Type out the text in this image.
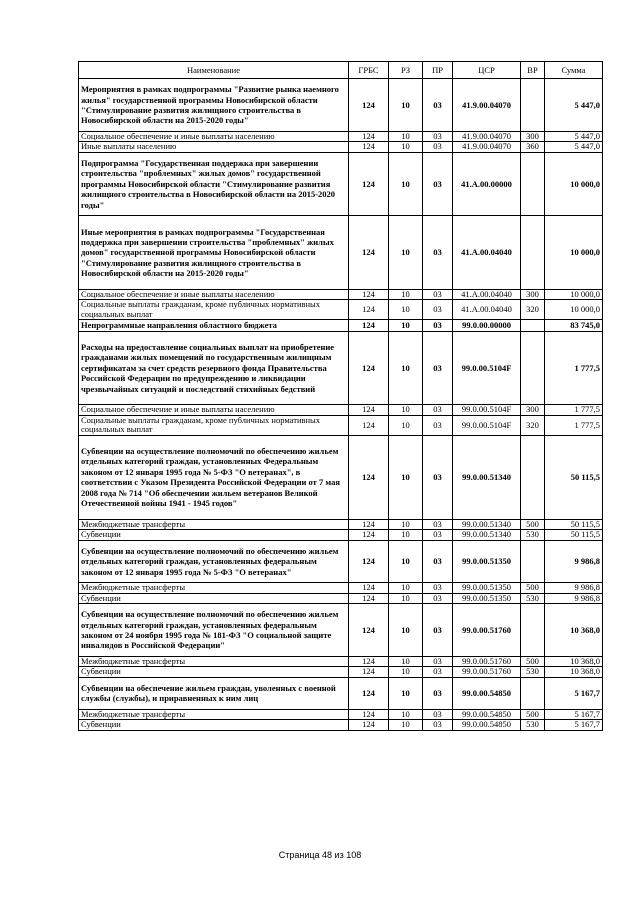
Наименование	ГРБС	РЗ	ПР	ЦСР	ВР	Сумма
Мероприятия в рамках подпрограммы "Развитие рынка наемного жилья" государственной программы Новосибирской области "Стимулирование развития жилищного строительства в Новосибирской области на 2015-2020 годы"	124	10	03	41.9.00.04070		5 447,0
Социальное обеспечение и иные выплаты населению	124	10	03	41.9.00.04070	300	5 447,0
Иные выплаты населению	124	10	03	41.9.00.04070	360	5 447,0
Подпрограмма "Государственная поддержка при завершении строительства "проблемных" жилых домов" государственной программы Новосибирской области "Стимулирование развития жилищного строительства в Новосибирской области на 2015-2020 годы"	124	10	03	41.А.00.00000		10 000,0
Иные мероприятия в рамках подпрограммы "Государственная поддержка при завершении строительства "проблемных" жилых домов" государственной программы Новосибирской области "Стимулирование развития жилищного строительства в Новосибирской области на 2015-2020 годы"	124	10	03	41.А.00.04040		10 000,0
Социальное обеспечение и иные выплаты населению	124	10	03	41.А.00.04040	300	10 000,0
Социальные выплаты гражданам, кроме публичных нормативных социальных выплат	124	10	03	41.А.00.04040	320	10 000,0
Непрограммные направления областного бюджета	124	10	03	99.0.00.00000		83 745,0
Расходы на предоставление социальных выплат на приобретение гражданами жилых помещений по государственным жилищным сертификатам за счет средств резервного фонда Правительства Российской Федерации по предупреждению и ликвидации чрезвычайных ситуаций и последствий стихийных бедствий	124	10	03	99.0.00.5104F		1 777,5
Социальное обеспечение и иные выплаты населению	124	10	03	99.0.00.5104F	300	1 777,5
Социальные выплаты гражданам, кроме публичных нормативных социальных выплат	124	10	03	99.0.00.5104F	320	1 777,5
Субвенции на осуществление полномочий по обеспечению жильем отдельных категорий граждан, установленных Федеральным законом от 12 января 1995 года № 5-ФЗ "О ветеранах", в соответствии с Указом Президента Российской Федерации от 7 мая 2008 года № 714 "Об обеспечении жильем ветеранов Великой Отечественной войны 1941 - 1945 годов"	124	10	03	99.0.00.51340		50 115,5
Межбюджетные трансферты	124	10	03	99.0.00.51340	500	50 115,5
Субвенции	124	10	03	99.0.00.51340	530	50 115,5
Субвенции на осуществление полномочий по обеспечению жильем отдельных категорий граждан, установленных федеральным законом от 12 января 1995 года № 5-ФЗ "О ветеранах"	124	10	03	99.0.00.51350		9 986,8
Межбюджетные трансферты	124	10	03	99.0.00.51350	500	9 986,8
Субвенции	124	10	03	99.0.00.51350	530	9 986,8
Субвенции на осуществление полномочий по обеспечению жильем отдельных категорий граждан, установленных федеральным законом от 24 ноября 1995 года № 181-ФЗ "О социальной защите инвалидов в Российской Федерации"	124	10	03	99.0.00.51760		10 368,0
Межбюджетные трансферты	124	10	03	99.0.00.51760	500	10 368,0
Субвенции	124	10	03	99.0.00.51760	530	10 368,0
Субвенции на обеспечение жильем граждан, уволенных с военной службы (службы), и приравненных к ним лиц	124	10	03	99.0.00.54850		5 167,7
Межбюджетные трансферты	124	10	03	99.0.00.54850	500	5 167,7
Субвенции	124	10	03	99.0.00.54850	530	5 167,7
Страница 48 из 108
